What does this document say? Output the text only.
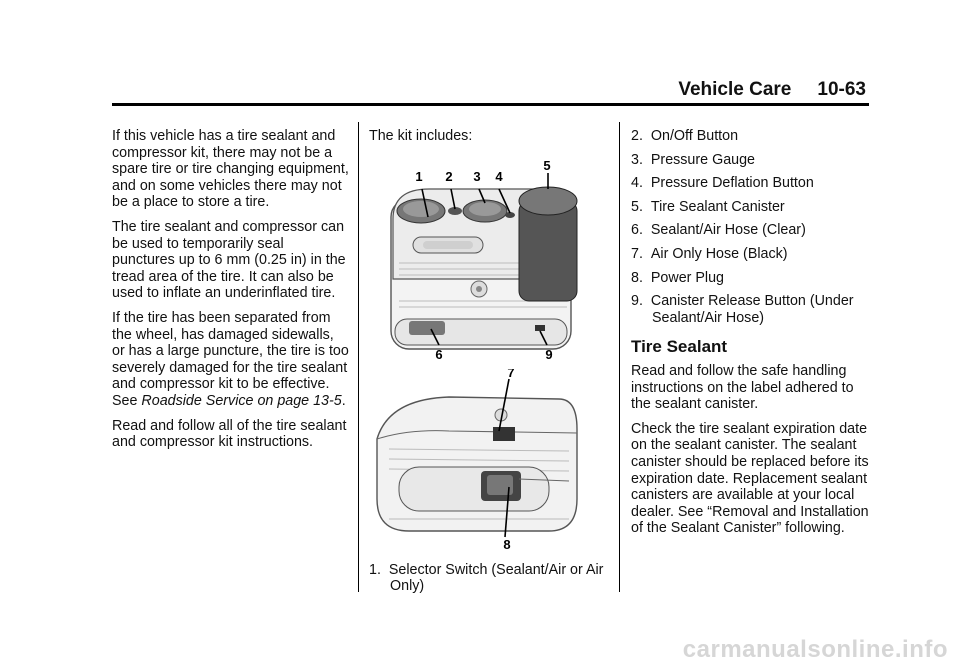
Vehicle Care 10-63

If this vehicle has a tire sealant and compressor kit, there may not be a spare tire or tire changing equipment, and on some vehicles there may not be a place to store a tire.

The tire sealant and compressor can be used to temporarily seal punctures up to 6 mm (0.25 in) in the tread area of the tire. It can also be used to inflate an underinflated tire.

If the tire has been separated from the wheel, has damaged sidewalls, or has a large puncture, the tire is too severely damaged for the tire sealant and compressor kit to be effective. See Roadside Service on page 13-5.

Read and follow all of the tire sealant and compressor kit instructions.

The kit includes:

1 2 3 4
5
6	9
7
8
1. Selector Switch (Sealant/Air or Air Only)
2. On/Off Button
3. Pressure Gauge
4. Pressure Deflation Button
5. Tire Sealant Canister
6. Sealant/Air Hose (Clear)
7. Air Only Hose (Black)
8. Power Plug
9. Canister Release Button (Under Sealant/Air Hose)
Tire Sealant

Read and follow the safe handling instructions on the label adhered to the sealant canister.

Check the tire sealant expiration date on the sealant canister. The sealant canister should be replaced before its expiration date. Replacement sealant canisters are available at your local dealer. See “Removal and Installation of the Sealant Canister” following.

carmanualsonline.info
